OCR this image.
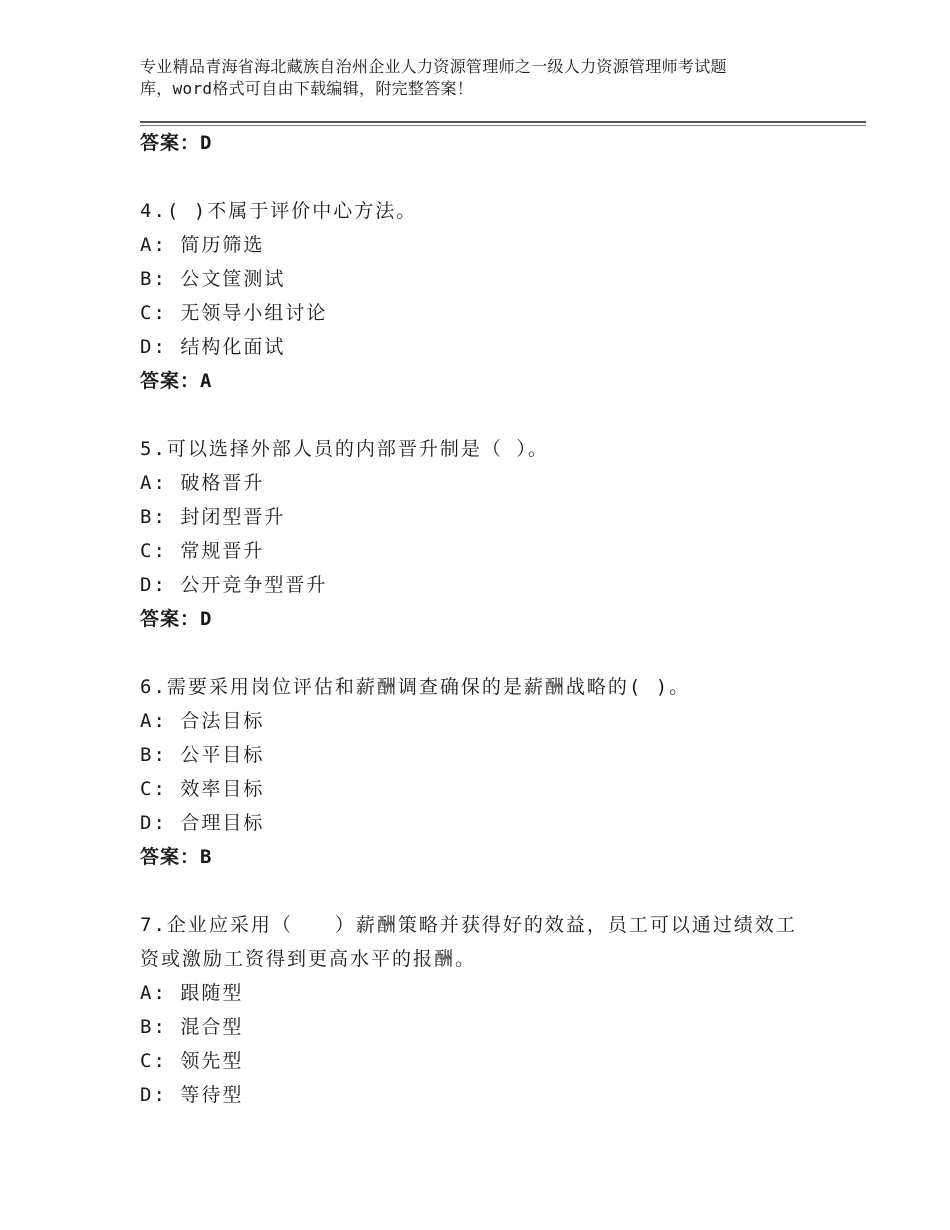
专业精品青海省海北藏族自治州企业人力资源管理师之一级人力资源管理师考试题
库，word格式可自由下载编辑，附完整答案！
答案：D
4.( )不属于评价中心方法。
A: 简历筛选
B: 公文筐测试
C: 无领导小组讨论
D: 结构化面试
答案：A
5.可以选择外部人员的内部晋升制是（ ）。
A: 破格晋升
B: 封闭型晋升
C: 常规晋升
D: 公开竞争型晋升
答案：D
6.需要采用岗位评估和薪酬调查确保的是薪酬战略的( )。
A: 合法目标
B: 公平目标
C: 效率目标
D: 合理目标
答案：B
7.企业应采用（　　）薪酬策略并获得好的效益，员工可以通过绩效工
资或激励工资得到更高水平的报酬。
A: 跟随型
B: 混合型
C: 领先型
D: 等待型
